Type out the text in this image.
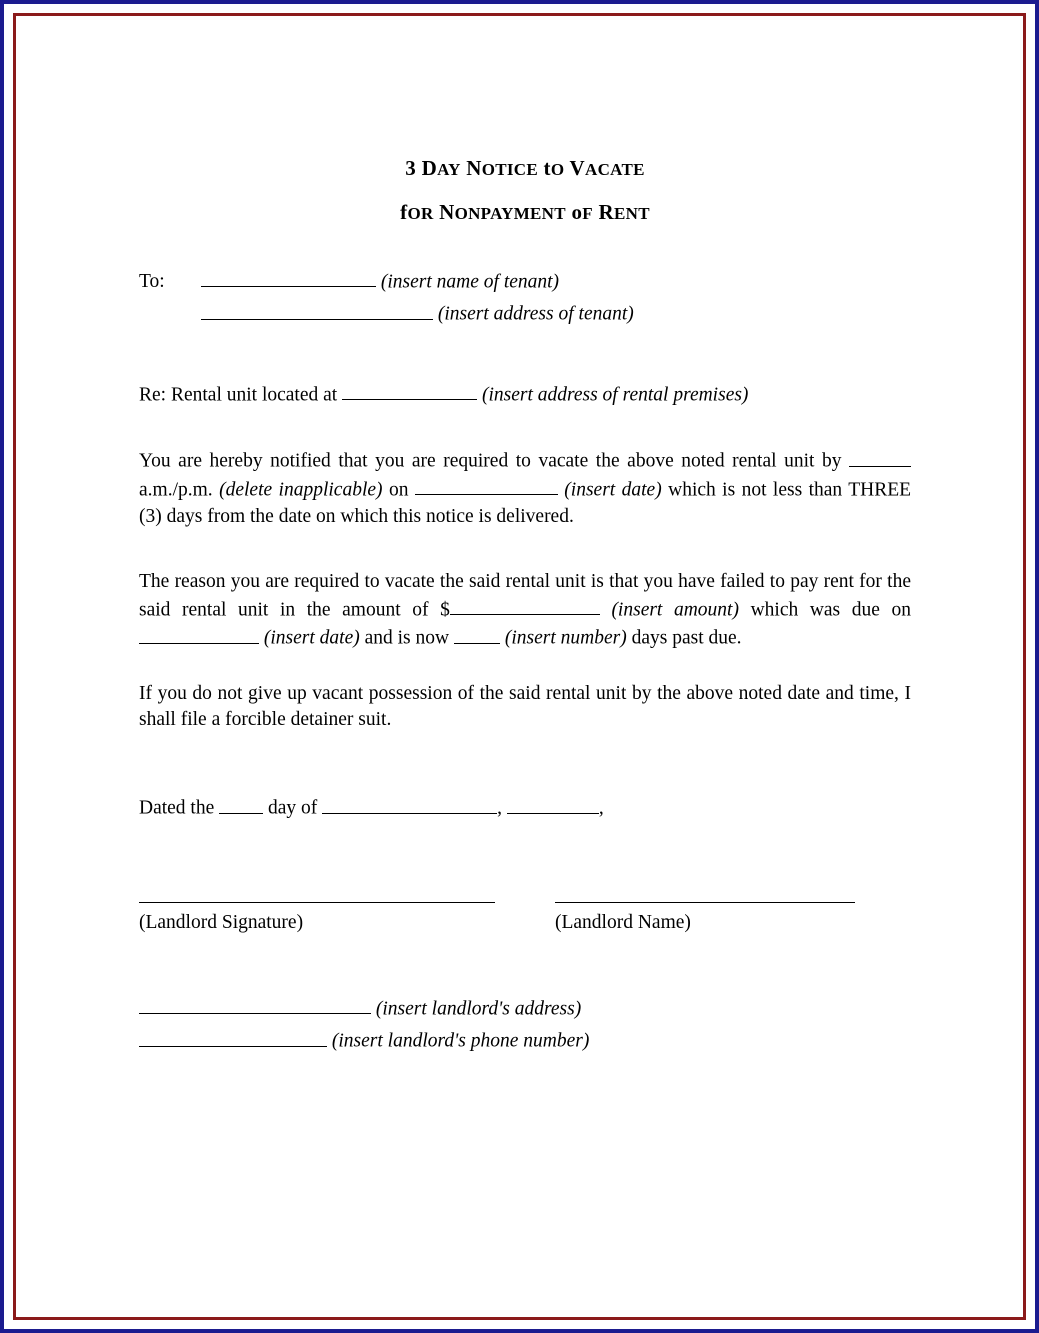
3 DAY NOTICE tO VACATE
fOR NONPAYMENT oF RENT
To:	(insert name of tenant)
(insert address of tenant)
Re: Rental unit located at	(insert address of rental premises)
You are hereby notified that you are required to vacate the above noted rental unit by  a.m./p.m. (delete inapplicable) on	(insert date) which is not less than THREE (3) days from the date on which this notice is delivered.
The reason you are required to vacate the said rental unit is that you have failed to pay rent for the said rental unit in the amount of $	(insert amount) which was due on  (insert date) and is now	(insert number) days past due.
If you do not give up vacant possession of the said rental unit by the above noted date and time, I shall file a forcible detainer suit.
Dated the	day of	,	,
(Landlord Signature)	(Landlord Name)
(insert landlord's address)
(insert landlord's phone number)
